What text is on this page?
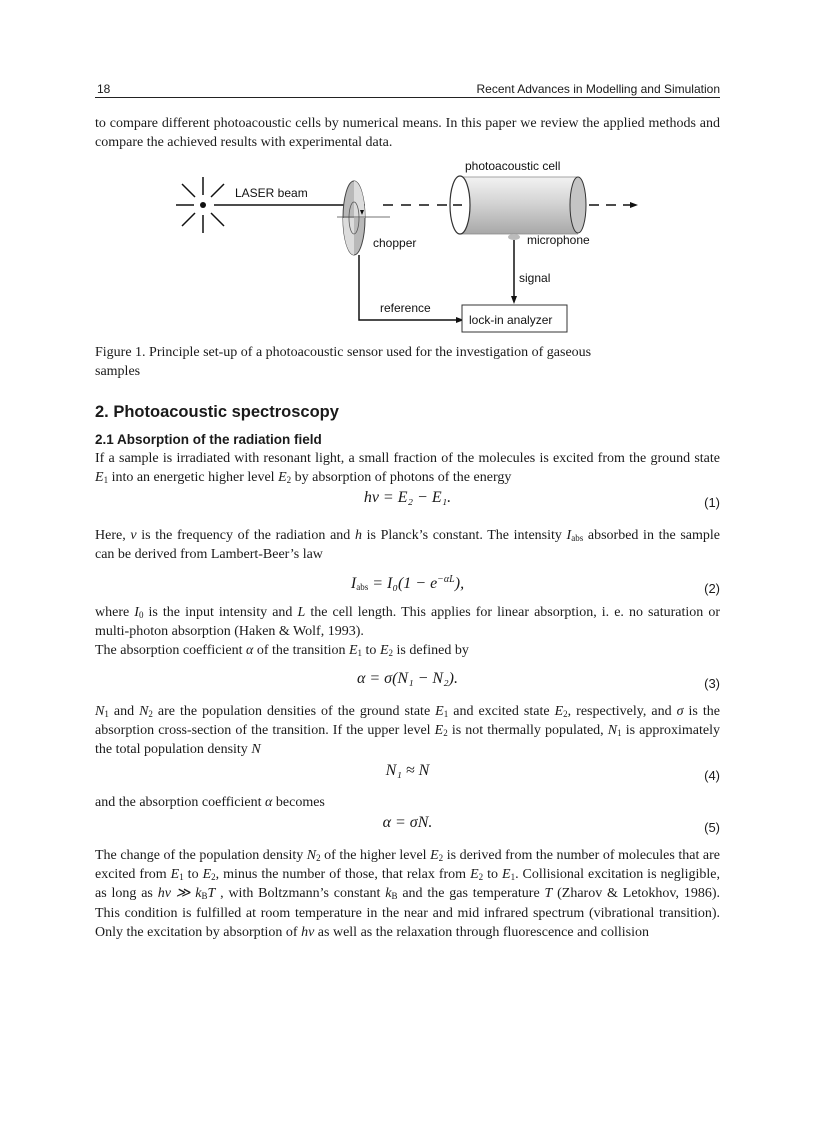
18	Recent Advances in Modelling and Simulation

to compare different photoacoustic cells by numerical means. In this paper we review the applied methods and compare the achieved results with experimental data.

LASER beam
chopper
photoacoustic cell
microphone
signal
reference
lock-in analyzer

Figure 1. Principle set-up of a photoacoustic sensor used for the investigation of gaseous

samples

2. Photoacoustic spectroscopy
2.1 Absorption of the radiation field

If a sample is irradiated with resonant light, a small fraction of the molecules is excited from the ground state $E_1$ into an energetic higher level $E_2$ by absorption of photons of the energy

hν = E₂ − E₁.	(1)

Here, ν is the frequency of the radiation and h is Planck’s constant. The intensity $I_{abs}$ absorbed in the sample can be derived from Lambert-Beer’s law

$I_{abs} = I_0(1 - e^{-\alpha L})$,	(2)

where $I_0$ is the input intensity and L the cell length. This applies for linear absorption, i. e. no saturation or multi-photon absorption (Haken & Wolf, 1993).

The absorption coefficient α of the transition $E_1$ to $E_2$ is defined by

α = σ(N₁ − N₂).	(3)

$N_1$ and $N_2$ are the population densities of the ground state $E_1$ and excited state $E_2$, respectively, and σ is the absorption cross-section of the transition. If the upper level $E_2$ is not thermally populated, $N_1$ is approximately the total population density N

N₁ ≈ N	(4)

and the absorption coefficient α becomes

α = σN.	(5)

The change of the population density $N_2$ of the higher level $E_2$ is derived from the number of molecules that are excited from $E_1$ to $E_2$, minus the number of those, that relax from $E_2$ to $E_1$. Collisional excitation is negligible, as long as hν ≫ $k_BT$ , with Boltzmann’s constant $k_B$ and the gas temperature T (Zharov & Letokhov, 1986). This condition is fulfilled at room temperature in the near and mid infrared spectrum (vibrational transition). Only the excitation by absorption of hν as well as the relaxation through fluorescence and collision
